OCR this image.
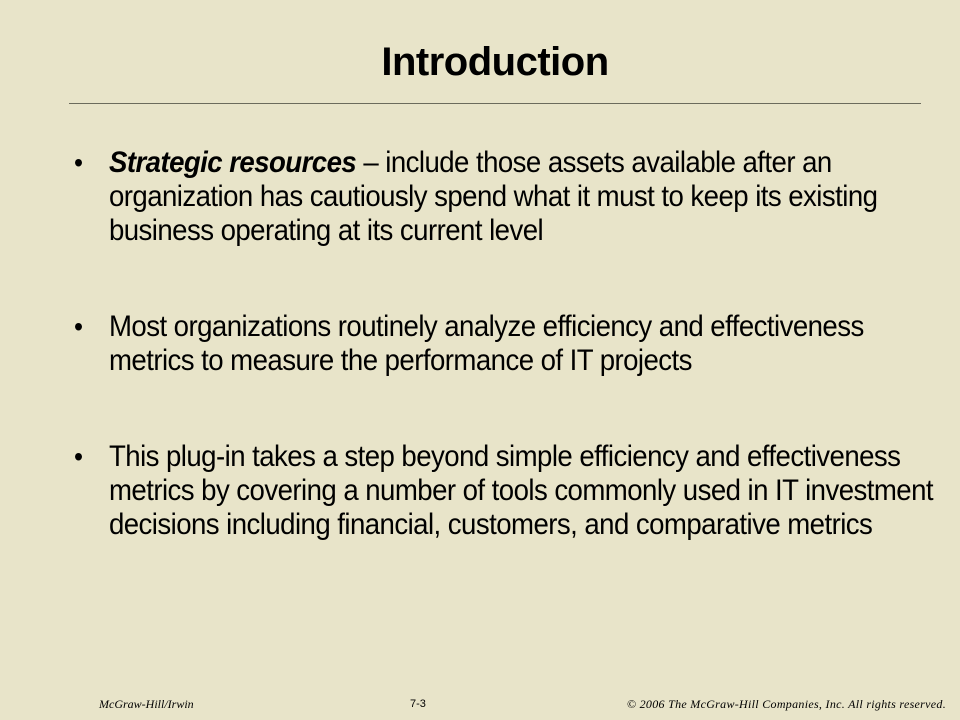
Introduction
• Strategic resources – include those assets available after an organization has cautiously spend what it must to keep its existing business operating at its current level
• Most organizations routinely analyze efficiency and effectiveness metrics to measure the performance of IT projects
• This plug-in takes a step beyond simple efficiency and effectiveness metrics by covering a number of tools commonly used in IT investment decisions including financial, customers, and comparative metrics
McGraw-Hill/Irwin	7-3	© 2006 The McGraw-Hill Companies, Inc. All rights reserved.
